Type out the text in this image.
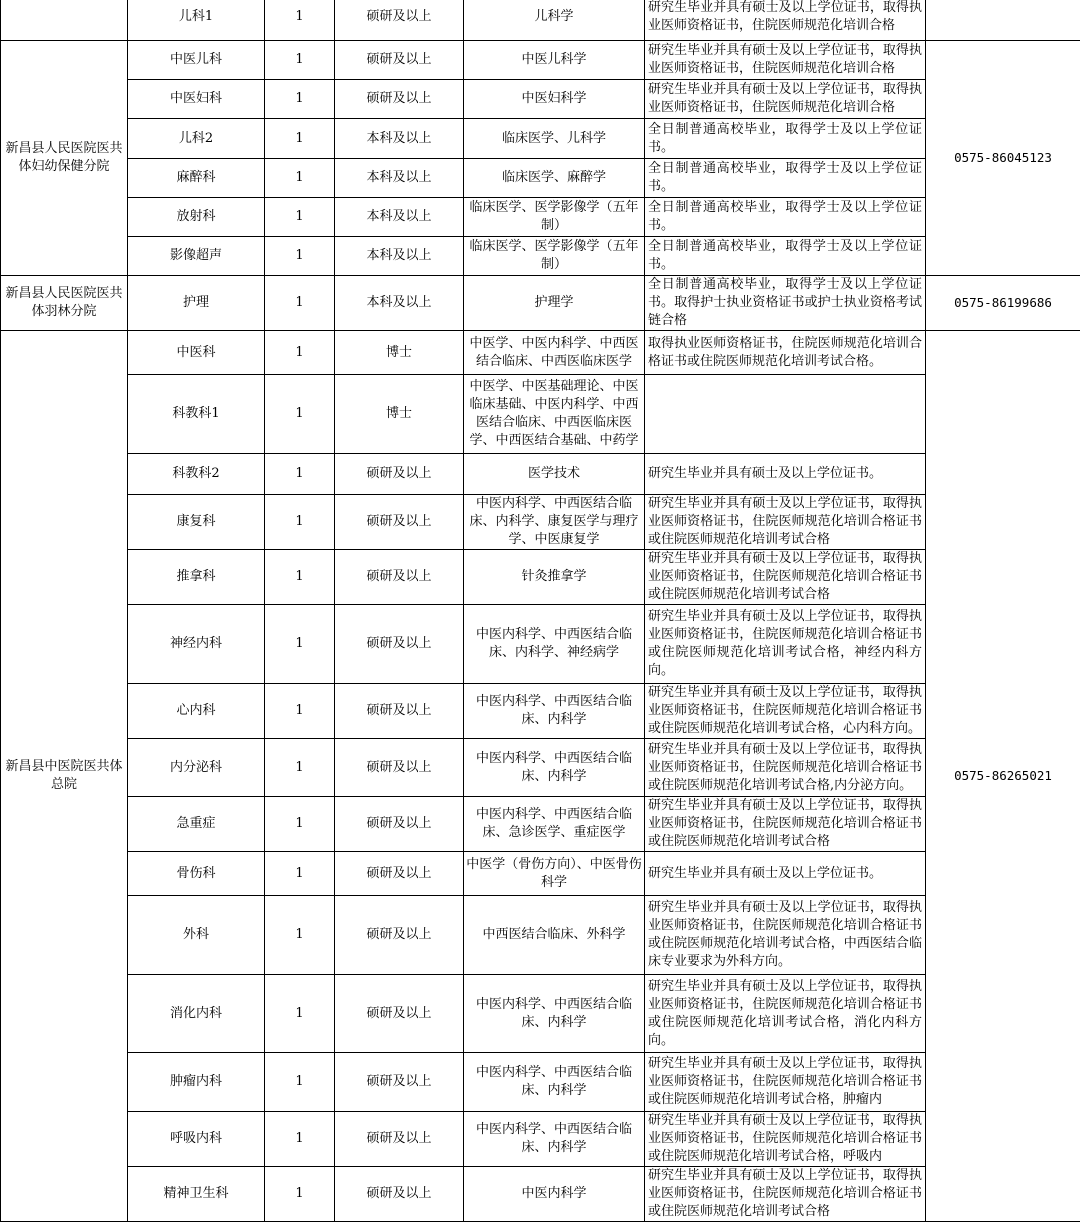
	儿科1	1	硕研及以上	儿科学	研究生毕业并具有硕士及以上学位证书，取得执业医师资格证书，住院医师规范化培训合格	
新昌县人民医院医共体妇幼保健分院	中医儿科	1	硕研及以上	中医儿科学	研究生毕业并具有硕士及以上学位证书，取得执业医师资格证书，住院医师规范化培训合格	0575-86045123
	中医妇科	1	硕研及以上	中医妇科学	研究生毕业并具有硕士及以上学位证书，取得执业医师资格证书，住院医师规范化培训合格	
	儿科2	1	本科及以上	临床医学、儿科学	全日制普通高校毕业，取得学士及以上学位证书。	
	麻醉科	1	本科及以上	临床医学、麻醉学	全日制普通高校毕业，取得学士及以上学位证书。	
	放射科	1	本科及以上	临床医学、医学影像学（五年制）	全日制普通高校毕业，取得学士及以上学位证书。	
	影像超声	1	本科及以上	临床医学、医学影像学（五年制）	全日制普通高校毕业，取得学士及以上学位证书。	
新昌县人民医院医共体羽林分院	护理	1	本科及以上	护理学	全日制普通高校毕业，取得学士及以上学位证书。取得护士执业资格证书或护士执业资格考试链合格	0575-86199686
新昌县中医院医共体总院	中医科	1	博士	中医学、中医内科学、中西医结合临床、中西医临床医学	取得执业医师资格证书，住院医师规范化培训合格证书或住院医师规范化培训考试合格。	0575-86265021
	科教科1	1	博士	中医学、中医基础理论、中医临床基础、中医内科学、中西医结合临床、中西医临床医学、中西医结合基础、中药学		
	科教科2	1	硕研及以上	医学技术	研究生毕业并具有硕士及以上学位证书。	
	康复科	1	硕研及以上	中医内科学、中西医结合临床、内科学、康复医学与理疗学、中医康复学	研究生毕业并具有硕士及以上学位证书，取得执业医师资格证书，住院医师规范化培训合格证书或住院医师规范化培训考试合格	
	推拿科	1	硕研及以上	针灸推拿学	研究生毕业并具有硕士及以上学位证书，取得执业医师资格证书，住院医师规范化培训合格证书或住院医师规范化培训考试合格	
	神经内科	1	硕研及以上	中医内科学、中西医结合临床、内科学、神经病学	研究生毕业并具有硕士及以上学位证书，取得执业医师资格证书，住院医师规范化培训合格证书或住院医师规范化培训考试合格，神经内科方向。	
	心内科	1	硕研及以上	中医内科学、中西医结合临床、内科学	研究生毕业并具有硕士及以上学位证书，取得执业医师资格证书，住院医师规范化培训合格证书或住院医师规范化培训考试合格，心内科方向。	
	内分泌科	1	硕研及以上	中医内科学、中西医结合临床、内科学	研究生毕业并具有硕士及以上学位证书，取得执业医师资格证书，住院医师规范化培训合格证书或住院医师规范化培训考试合格,内分泌方向。	
	急重症	1	硕研及以上	中医内科学、中西医结合临床、急诊医学、重症医学	研究生毕业并具有硕士及以上学位证书，取得执业医师资格证书，住院医师规范化培训合格证书或住院医师规范化培训考试合格	
	骨伤科	1	硕研及以上	中医学（骨伤方向）、中医骨伤科学	研究生毕业并具有硕士及以上学位证书。	
	外科	1	硕研及以上	中西医结合临床、外科学	研究生毕业并具有硕士及以上学位证书，取得执业医师资格证书，住院医师规范化培训合格证书或住院医师规范化培训考试合格，中西医结合临床专业要求为外科方向。	
	消化内科	1	硕研及以上	中医内科学、中西医结合临床、内科学	研究生毕业并具有硕士及以上学位证书，取得执业医师资格证书，住院医师规范化培训合格证书或住院医师规范化培训考试合格，消化内科方向。	
	肿瘤内科	1	硕研及以上	中医内科学、中西医结合临床、内科学	研究生毕业并具有硕士及以上学位证书，取得执业医师资格证书，住院医师规范化培训合格证书或住院医师规范化培训考试合格，肿瘤内	
	呼吸内科	1	硕研及以上	中医内科学、中西医结合临床、内科学	研究生毕业并具有硕士及以上学位证书，取得执业医师资格证书，住院医师规范化培训合格证书或住院医师规范化培训考试合格，呼吸内	
	精神卫生科	1	硕研及以上	中医内科学	研究生毕业并具有硕士及以上学位证书，取得执业医师资格证书，住院医师规范化培训合格证书或住院医师规范化培训考试合格	
